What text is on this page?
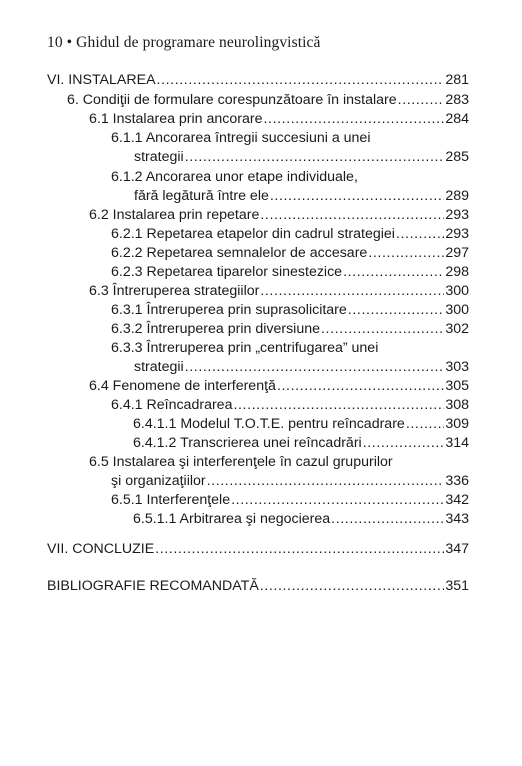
10 • Ghidul de programare neurolingvistică
VI. INSTALAREA .....	281
6. Condiţii de formulare corespunzătoare în instalare .....	283
6.1 Instalarea prin ancorare .....	284
6.1.1 Ancorarea întregii succesiuni a unei
strategii .....	285
6.1.2 Ancorarea unor etape individuale,
fără legătură între ele .....	289
6.2 Instalarea prin repetare .....	293
6.2.1 Repetarea etapelor din cadrul strategiei .....	293
6.2.2 Repetarea semnalelor de accesare .....	297
6.2.3 Repetarea tiparelor sinestezice .....	298
6.3 Întreruperea strategiilor .....	300
6.3.1 Întreruperea prin suprasolicitare .....	300
6.3.2 Întreruperea prin diversiune .....	302
6.3.3 Întreruperea prin „centrifugarea” unei
strategii .....	303
6.4 Fenomene de interferenţă .....	305
6.4.1 Reîncadrarea .....	308
6.4.1.1 Modelul T.O.T.E. pentru reîncadrare .....	309
6.4.1.2 Transcrierea unei reîncadrări .....	314
6.5 Instalarea şi interferenţele în cazul grupurilor
şi organizaţiilor .....	336
6.5.1 Interferenţele .....	342
6.5.1.1 Arbitrarea şi negocierea .....	343
VII. CONCLUZIE .....	347
BIBLIOGRAFIE RECOMANDATĂ .....	351
